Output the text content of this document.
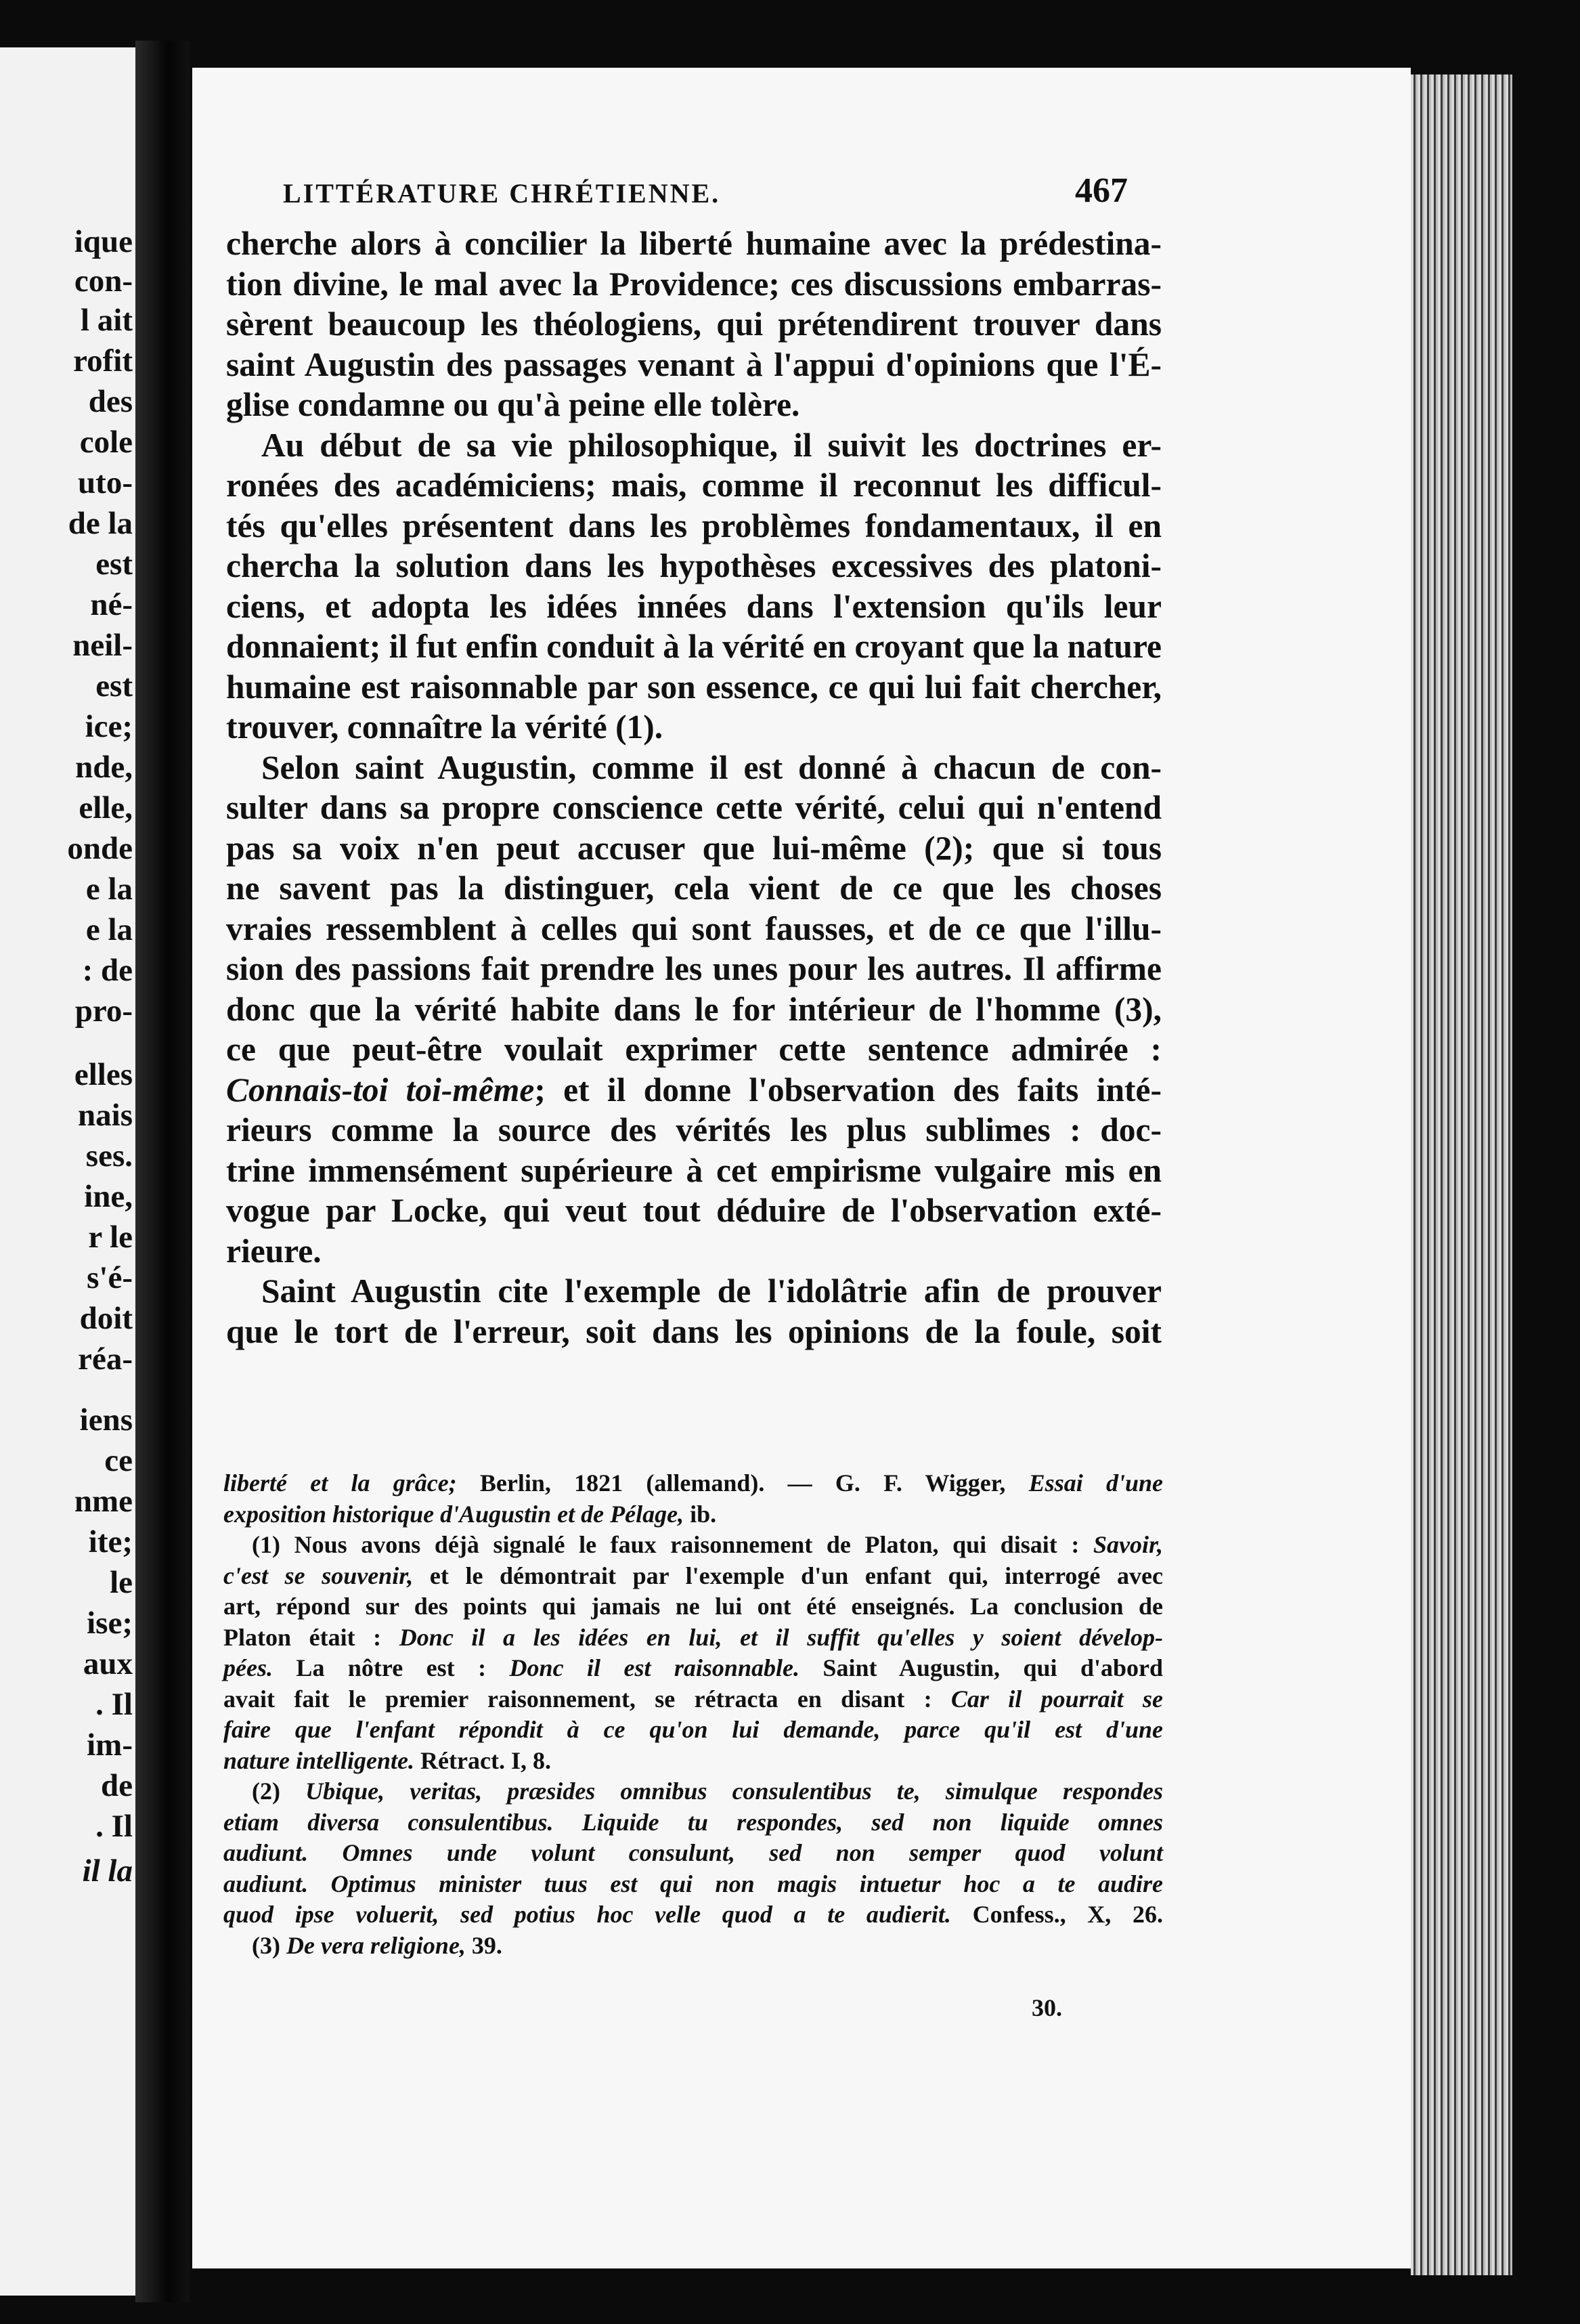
ique
con-
l ait
rofit
des
cole
uto-
de la
est
né-
neil-
est
ice;
nde,
elle,
onde
e la
e la
: de
pro-
elles
nais
ses.
ine,
r le
s'é-
doit
réa-
iens
ce
nme
ite;
le
ise;
aux
. Il
im-
de
. Il
il la
LITTÉRATURE CHRÉTIENNE.	467
cherche alors à concilier la liberté humaine avec la prédestina-
tion divine, le mal avec la Providence; ces discussions embarras-
sèrent beaucoup les théologiens, qui prétendirent trouver dans
saint Augustin des passages venant à l'appui d'opinions que l'É-
glise condamne ou qu'à peine elle tolère.
Au début de sa vie philosophique, il suivit les doctrines er-
ronées des académiciens; mais, comme il reconnut les difficul-
tés qu'elles présentent dans les problèmes fondamentaux, il en
chercha la solution dans les hypothèses excessives des platoni-
ciens, et adopta les idées innées dans l'extension qu'ils leur
donnaient; il fut enfin conduit à la vérité en croyant que la nature
humaine est raisonnable par son essence, ce qui lui fait chercher,
trouver, connaître la vérité (1).
Selon saint Augustin, comme il est donné à chacun de con-
sulter dans sa propre conscience cette vérité, celui qui n'entend
pas sa voix n'en peut accuser que lui-même (2); que si tous
ne savent pas la distinguer, cela vient de ce que les choses
vraies ressemblent à celles qui sont fausses, et de ce que l'illu-
sion des passions fait prendre les unes pour les autres. Il affirme
donc que la vérité habite dans le for intérieur de l'homme (3),
ce que peut-être voulait exprimer cette sentence admirée :
Connais-toi toi-même; et il donne l'observation des faits inté-
rieurs comme la source des vérités les plus sublimes : doc-
trine immensément supérieure à cet empirisme vulgaire mis en
vogue par Locke, qui veut tout déduire de l'observation exté-
rieure.
Saint Augustin cite l'exemple de l'idolâtrie afin de prouver
que le tort de l'erreur, soit dans les opinions de la foule, soit
liberté et la grâce; Berlin, 1821 (allemand). — G. F. Wigger, Essai d'une
exposition historique d'Augustin et de Pélage, ib.
(1) Nous avons déjà signalé le faux raisonnement de Platon, qui disait : Savoir,
c'est se souvenir, et le démontrait par l'exemple d'un enfant qui, interrogé avec
art, répond sur des points qui jamais ne lui ont été enseignés. La conclusion de
Platon était : Donc il a les idées en lui, et il suffit qu'elles y soient dévelop-
pées. La nôtre est : Donc il est raisonnable. Saint Augustin, qui d'abord
avait fait le premier raisonnement, se rétracta en disant : Car il pourrait se
faire que l'enfant répondit à ce qu'on lui demande, parce qu'il est d'une
nature intelligente. Rétract. I, 8.
(2) Ubique, veritas, præsides omnibus consulentibus te, simulque respondes
etiam diversa consulentibus. Liquide tu respondes, sed non liquide omnes
audiunt. Omnes unde volunt consulunt, sed non semper quod volunt
audiunt. Optimus minister tuus est qui non magis intuetur hoc a te audire
quod ipse voluerit, sed potius hoc velle quod a te audierit. Confess., X, 26.
(3) De vera religione, 39.
30.
